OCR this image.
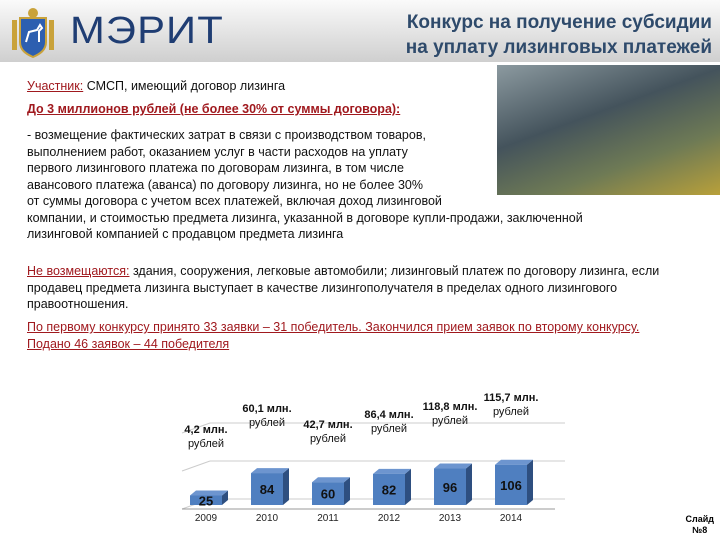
МЭРИТ	Конкурс на получение субсидии
на уплату лизинговых платежей
Участник: СМСП, имеющий договор лизинга
До 3 миллионов рублей (не более 30% от суммы договора):
- возмещение фактических затрат в связи с производством товаров,
выполнением работ, оказанием услуг в части расходов на уплату
первого лизингового платежа по договорам лизинга, в том числе
авансового платежа (аванса) по договору лизинга, но не более 30%
от суммы договора с учетом всех платежей, включая доход лизинговой
компании, и стоимостью предмета лизинга, указанной в договоре купли-продажи, заключенной
лизинговой компанией с продавцом предмета лизинга
Не возмещаются: здания, сооружения, легковые автомобили; лизинговый платеж по договору лизинга, если продавец предмета лизинга выступает в качестве лизингополучателя в пределах одного лизингового правоотношения.
По первому конкурсу принято 33 заявки – 31 победитель. Закончился прием заявок по второму конкурсу. Подано 46 заявок – 44 победителя
25
2009
4,2 млн.
рублей
84
2010
60,1 млн.
рублей
60
2011
42,7 млн.
рублей
82
2012
86,4 млн.
рублей
96
2013
118,8 млн.
рублей
106
2014
115,7 млн.
рублей
Слайд
№8
